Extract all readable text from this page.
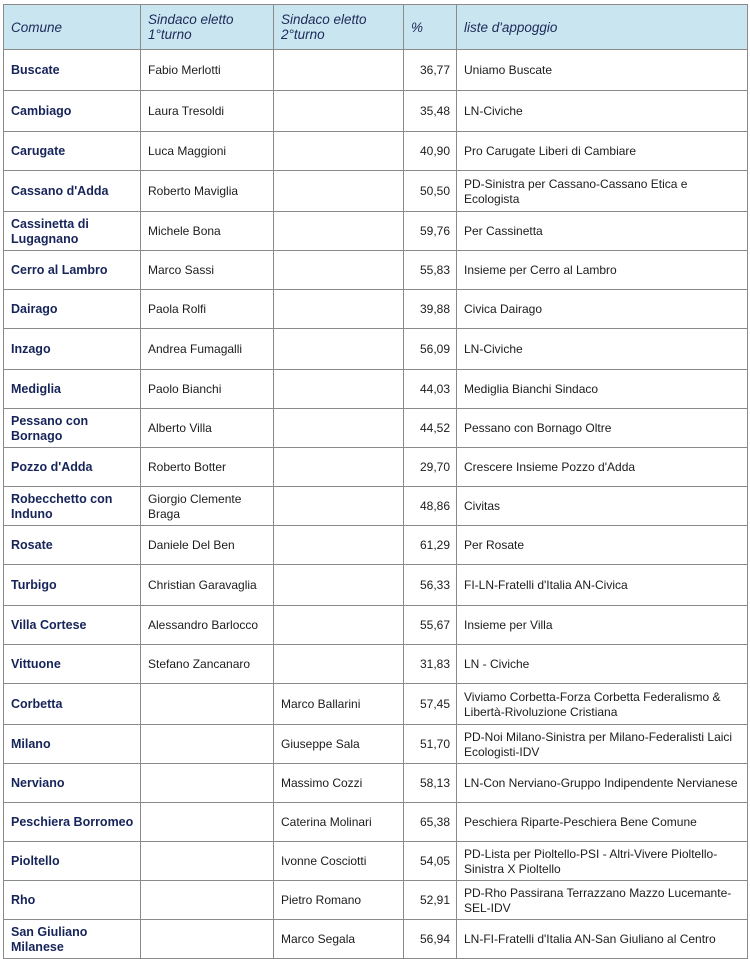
Comune	Sindaco eletto 1°turno	Sindaco eletto 2°turno	%	liste d'appoggio
Buscate	Fabio Merlotti		36,77	Uniamo Buscate
Cambiago	Laura Tresoldi		35,48	LN-Civiche
Carugate	Luca Maggioni		40,90	Pro Carugate Liberi di Cambiare
Cassano d'Adda	Roberto Maviglia		50,50	PD-Sinistra per Cassano-Cassano Etica e Ecologista
Cassinetta di Lugagnano	Michele Bona		59,76	Per Cassinetta
Cerro al Lambro	Marco Sassi		55,83	Insieme per Cerro al Lambro
Dairago	Paola Rolfi		39,88	Civica Dairago
Inzago	Andrea Fumagalli		56,09	LN-Civiche
Mediglia	Paolo Bianchi		44,03	Mediglia Bianchi Sindaco
Pessano con Bornago	Alberto Villa		44,52	Pessano con Bornago Oltre
Pozzo d'Adda	Roberto Botter		29,70	Crescere Insieme Pozzo d'Adda
Robecchetto con Induno	Giorgio Clemente Braga		48,86	Civitas
Rosate	Daniele Del Ben		61,29	Per Rosate
Turbigo	Christian Garavaglia		56,33	FI-LN-Fratelli d'Italia AN-Civica
Villa Cortese	Alessandro Barlocco		55,67	Insieme per Villa
Vittuone	Stefano Zancanaro		31,83	LN - Civiche
Corbetta		Marco Ballarini	57,45	Viviamo Corbetta-Forza Corbetta Federalismo & Libertà-Rivoluzione Cristiana
Milano		Giuseppe Sala	51,70	PD-Noi Milano-Sinistra per Milano-Federalisti Laici Ecologisti-IDV
Nerviano		Massimo Cozzi	58,13	LN-Con Nerviano-Gruppo Indipendente Nervianese
Peschiera Borromeo		Caterina Molinari	65,38	Peschiera Riparte-Peschiera Bene Comune
Pioltello		Ivonne Cosciotti	54,05	PD-Lista per Pioltello-PSI - Altri-Vivere Pioltello-Sinistra X Pioltello
Rho		Pietro Romano	52,91	PD-Rho Passirana Terrazzano Mazzo Lucemante-SEL-IDV
San Giuliano Milanese		Marco Segala	56,94	LN-FI-Fratelli d'Italia AN-San Giuliano al Centro
